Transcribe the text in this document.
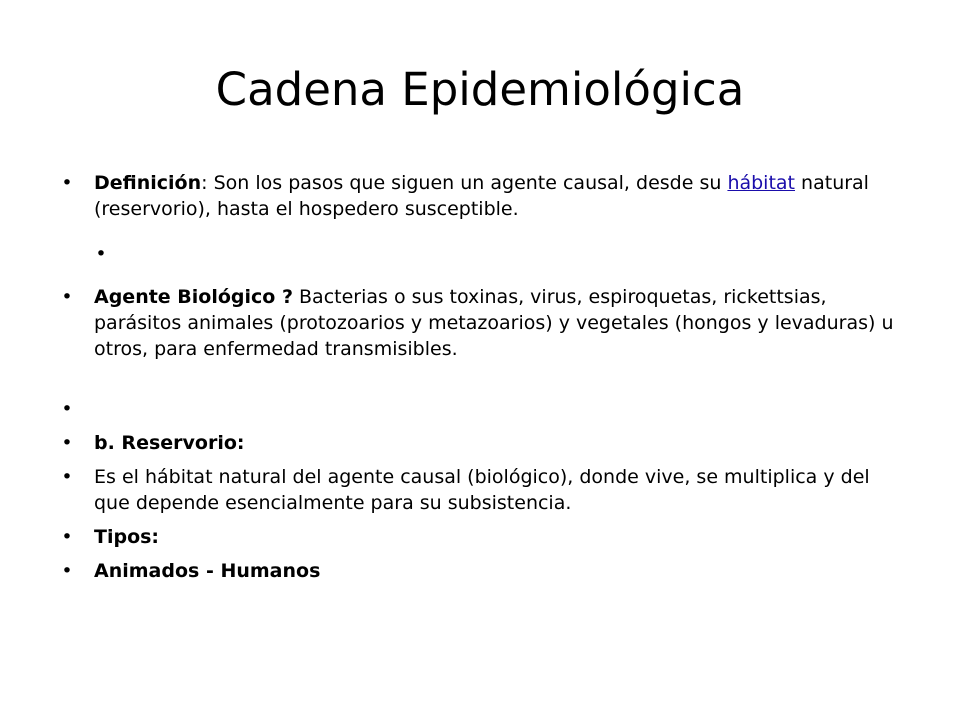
Cadena Epidemiológica
• Definición: Son los pasos que siguen un agente causal, desde su hábitat natural (reservorio), hasta el hospedero susceptible.
•

• Agente Biológico ? Bacterias o sus toxinas, virus, espiroquetas, rickettsias, parásitos animales (protozoarios y metazoarios) y vegetales (hongos y levaduras) u otros, para enfermedad transmisibles.
•

• b. Reservorio:
• Es el hábitat natural del agente causal (biológico), donde vive, se multiplica y del que depende esencialmente para su subsistencia.
• Tipos:
• Animados - Humanos
